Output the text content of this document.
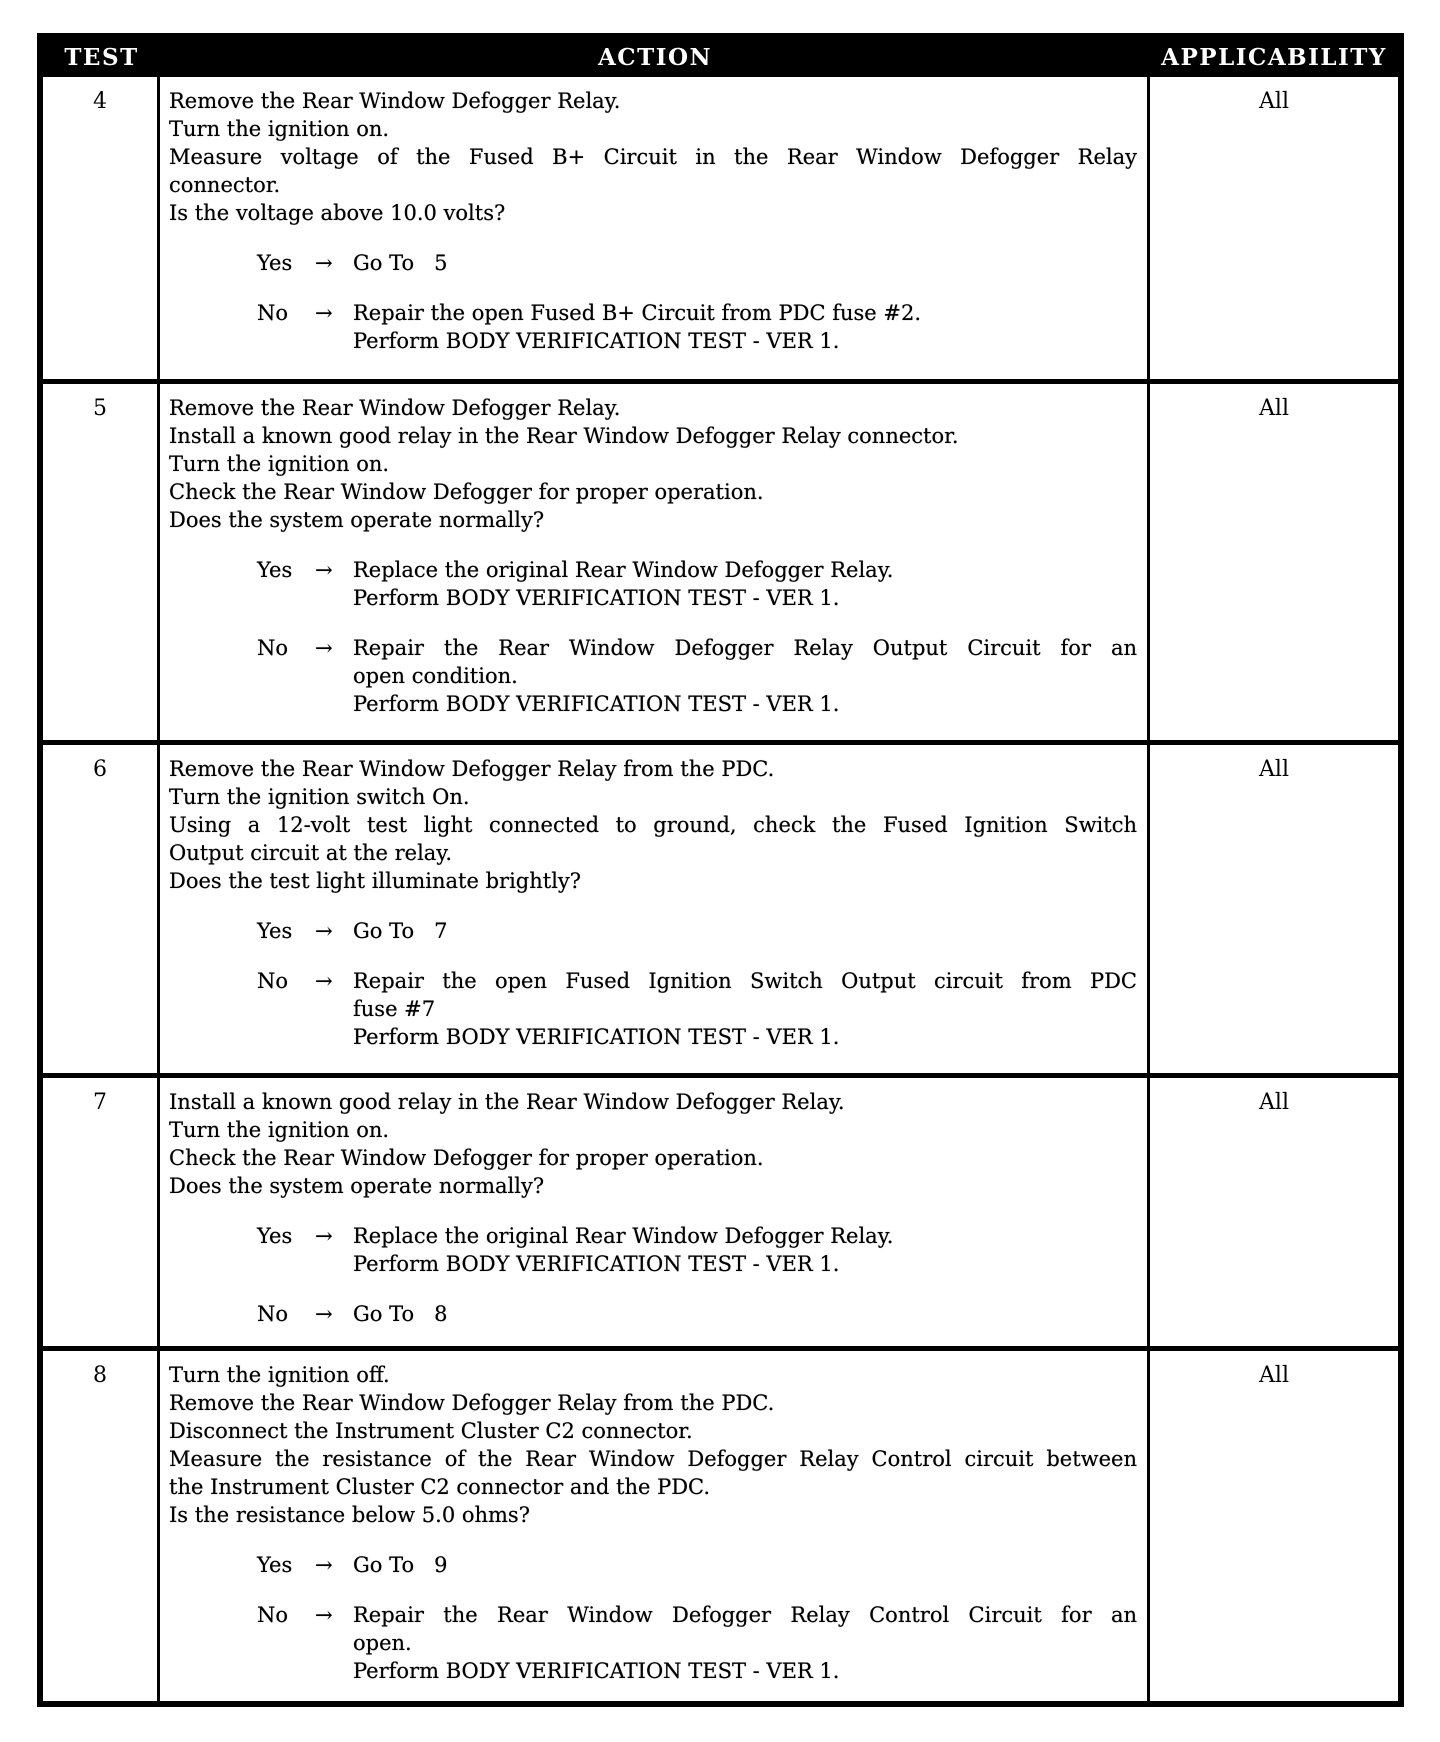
TEST	ACTION	APPLICABILITY
4	Remove the Rear Window Defogger Relay.
Turn the ignition on.
Measure voltage of the Fused B+ Circuit in the Rear Window Defogger Relay
connector.
Is the voltage above 10.0 volts?
Yes	→ Go To   5
No	→ Repair the open Fused B+ Circuit from PDC fuse #2.
Perform BODY VERIFICATION TEST - VER 1.
All
5	Remove the Rear Window Defogger Relay.
Install a known good relay in the Rear Window Defogger Relay connector.
Turn the ignition on.
Check the Rear Window Defogger for proper operation.
Does the system operate normally?
Yes	→ Replace the original Rear Window Defogger Relay.
Perform BODY VERIFICATION TEST - VER 1.
No	→ Repair the Rear Window Defogger Relay Output Circuit for an
open condition.
Perform BODY VERIFICATION TEST - VER 1.
All
6	Remove the Rear Window Defogger Relay from the PDC.
Turn the ignition switch On.
Using a 12-volt test light connected to ground, check the Fused Ignition Switch
Output circuit at the relay.
Does the test light illuminate brightly?
Yes	→ Go To   7
No	→ Repair the open Fused Ignition Switch Output circuit from PDC
fuse #7
Perform BODY VERIFICATION TEST - VER 1.
All
7	Install a known good relay in the Rear Window Defogger Relay.
Turn the ignition on.
Check the Rear Window Defogger for proper operation.
Does the system operate normally?
Yes	→ Replace the original Rear Window Defogger Relay.
Perform BODY VERIFICATION TEST - VER 1.
No	→ Go To   8
All
8	Turn the ignition off.
Remove the Rear Window Defogger Relay from the PDC.
Disconnect the Instrument Cluster C2 connector.
Measure the resistance of the Rear Window Defogger Relay Control circuit between
the Instrument Cluster C2 connector and the PDC.
Is the resistance below 5.0 ohms?
Yes	→ Go To   9
No	→ Repair the Rear Window Defogger Relay Control Circuit for an
open.
Perform BODY VERIFICATION TEST - VER 1.
All
